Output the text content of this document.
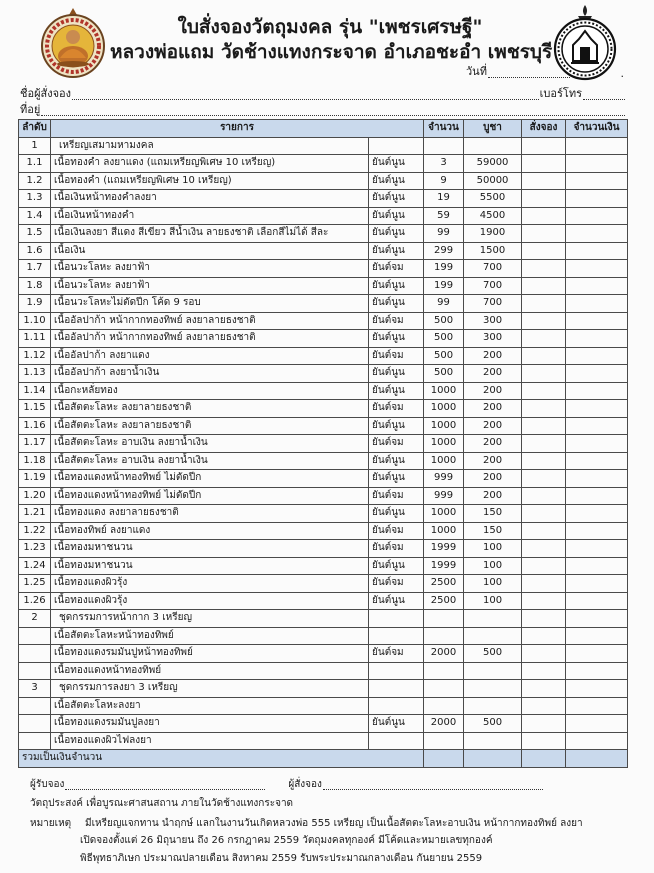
ใบสั่งจองวัตถุมงคล รุ่น "เพชรเศรษฐี"
หลวงพ่อแถม วัดช้างแทงกระจาด อำเภอชะอำ เพชรบุรี
วันที่	.
ชื่อผู้สั่งจอง	เบอร์โทร
ที่อยู่
ลำดับ	รายการ		จำนวน	บูชา	สั่งจอง	จำนวนเงิน
1	เหรียญเสมามหามงคล					
1.1	เนื้อทองคำ ลงยาแดง (แถมเหรียญพิเศษ 10 เหรียญ)	ยันต์นูน	3	59000		
1.2	เนื้อทองคำ (แถมเหรียญพิเศษ 10 เหรียญ)	ยันต์นูน	9	50000		
1.3	เนื้อเงินหน้าทองคำลงยา	ยันต์นูน	19	5500		
1.4	เนื้อเงินหน้าทองคำ	ยันต์นูน	59	4500		
1.5	เนื้อเงินลงยา สีแดง สีเขียว สีน้ำเงิน ลายธงชาติ เลือกสีไม่ได้ สีละ	ยันต์นูน	99	1900		
1.6	เนื้อเงิน	ยันต์นูน	299	1500		
1.7	เนื้อนวะโลหะ ลงยาฟ้า	ยันต์จม	199	700		
1.8	เนื้อนวะโลหะ ลงยาฟ้า	ยันต์นูน	199	700		
1.9	เนื้อนวะโลหะไม่ตัดปีก โค้ด 9 รอบ	ยันต์นูน	99	700		
1.10	เนื้ออัลปาก้า หน้ากากทองทิพย์ ลงยาลายธงชาติ	ยันต์จม	500	300		
1.11	เนื้ออัลปาก้า หน้ากากทองทิพย์ ลงยาลายธงชาติ	ยันต์นูน	500	300		
1.12	เนื้ออัลปาก้า ลงยาแดง	ยันต์จม	500	200		
1.13	เนื้ออัลปาก้า ลงยาน้ำเงิน	ยันต์นูน	500	200		
1.14	เนื้อกะหลั่ยทอง	ยันต์นูน	1000	200		
1.15	เนื้อสัตตะโลหะ ลงยาลายธงชาติ	ยันต์จม	1000	200		
1.16	เนื้อสัตตะโลหะ ลงยาลายธงชาติ	ยันต์นูน	1000	200		
1.17	เนื้อสัตตะโลหะ อาบเงิน ลงยาน้ำเงิน	ยันต์จม	1000	200		
1.18	เนื้อสัตตะโลหะ อาบเงิน ลงยาน้ำเงิน	ยันต์นูน	1000	200		
1.19	เนื้อทองแดงหน้าทองทิพย์ ไม่ตัดปีก	ยันต์นูน	999	200		
1.20	เนื้อทองแดงหน้าทองทิพย์ ไม่ตัดปีก	ยันต์จม	999	200		
1.21	เนื้อทองแดง ลงยาลายธงชาติ	ยันต์นูน	1000	150		
1.22	เนื้อทองทิพย์ ลงยาแดง	ยันต์จม	1000	150		
1.23	เนื้อทองมหาชนวน	ยันต์จม	1999	100		
1.24	เนื้อทองมหาชนวน	ยันต์นูน	1999	100		
1.25	เนื้อทองแดงผิวรุ้ง	ยันต์จม	2500	100		
1.26	เนื้อทองแดงผิวรุ้ง	ยันต์นูน	2500	100		
2	ชุดกรรมการหน้ากาก 3 เหรียญ					
	เนื้อสัตตะโลหะหน้าทองทิพย์					
	เนื้อทองแดงรมมันปูหน้าทองทิพย์	ยันต์จม	2000	500		
	เนื้อทองแดงหน้าทองทิพย์					
3	ชุดกรรมการลงยา 3 เหรียญ					
	เนื้อสัตตะโลหะลงยา					
	เนื้อทองแดงรมมันปูลงยา	ยันต์นูน	2000	500		
	เนื้อทองแดงผิวไฟลงยา					
รวมเป็นเงินจำนวน						
ผู้รับจอง	ผู้สั่งจอง
วัตถุประสงค์ เพื่อบูรณะศาสนสถาน ภายในวัดช้างแทงกระจาด
หมายเหตุ มีเหรียญแจกทาน นำฤกษ์ แลกในงานวันเกิดหลวงพ่อ 555 เหรียญ เป็นเนื้อสัตตะโลหะอาบเงิน หน้ากากทองทิพย์ ลงยา
เปิดจองตั้งแต่ 26 มิถุนายน ถึง 26 กรกฎาคม 2559 วัตถุมงคลทุกองค์ มีโค้ดและหมายเลขทุกองค์
พิธีพุทธาภิเษก ประมาณปลายเดือน สิงหาคม 2559 รับพระประมาณกลางเดือน กันยายน 2559
